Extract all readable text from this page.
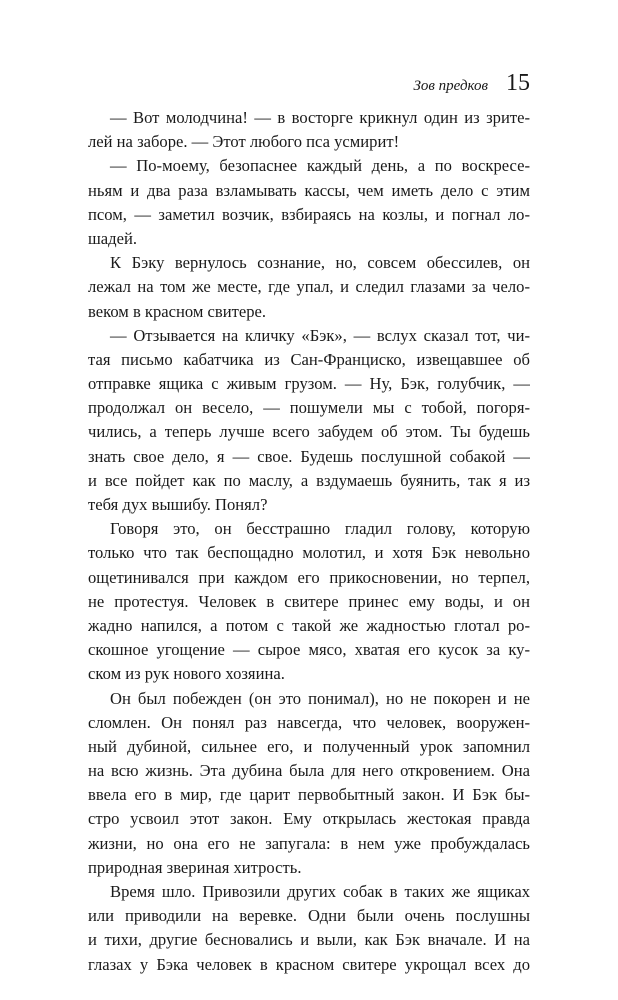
Зов предков 15
— Вот молодчина! — в восторге крикнул один из зрите-
лей на заборе. — Этот любого пса усмирит!
— По-моему, безопаснее каждый день, а по воскресе-
ньям и два раза взламывать кассы, чем иметь дело с этим
псом, — заметил возчик, взбираясь на козлы, и погнал ло-
шадей.
К Бэку вернулось сознание, но, совсем обессилев, он
лежал на том же месте, где упал, и следил глазами за чело-
веком в красном свитере.
— Отзывается на кличку «Бэк», — вслух сказал тот, чи-
тая письмо кабатчика из Сан-Франциско, извещавшее об
отправке ящика с живым грузом. — Ну, Бэк, голубчик, —
продолжал он весело, — пошумели мы с тобой, погоря-
чились, а теперь лучше всего забудем об этом. Ты будешь
знать свое дело, я — свое. Будешь послушной собакой —
и все пойдет как по маслу, а вздумаешь буянить, так я из
тебя дух вышибу. Понял?
Говоря это, он бесстрашно гладил голову, которую
только что так беспощадно молотил, и хотя Бэк невольно
ощетинивался при каждом его прикосновении, но терпел,
не протестуя. Человек в свитере принес ему воды, и он
жадно напился, а потом с такой же жадностью глотал ро-
скошное угощение — сырое мясо, хватая его кусок за ку-
ском из рук нового хозяина.
Он был побежден (он это понимал), но не покорен и не
сломлен. Он понял раз навсегда, что человек, вооружен-
ный дубиной, сильнее его, и полученный урок запомнил
на всю жизнь. Эта дубина была для него откровением. Она
ввела его в мир, где царит первобытный закон. И Бэк бы-
стро усвоил этот закон. Ему открылась жестокая правда
жизни, но она его не запугала: в нем уже пробуждалась
природная звериная хитрость.
Время шло. Привозили других собак в таких же ящиках
или приводили на веревке. Одни были очень послушны
и тихи, другие бесновались и выли, как Бэк вначале. И на
глазах у Бэка человек в красном свитере укрощал всех до
